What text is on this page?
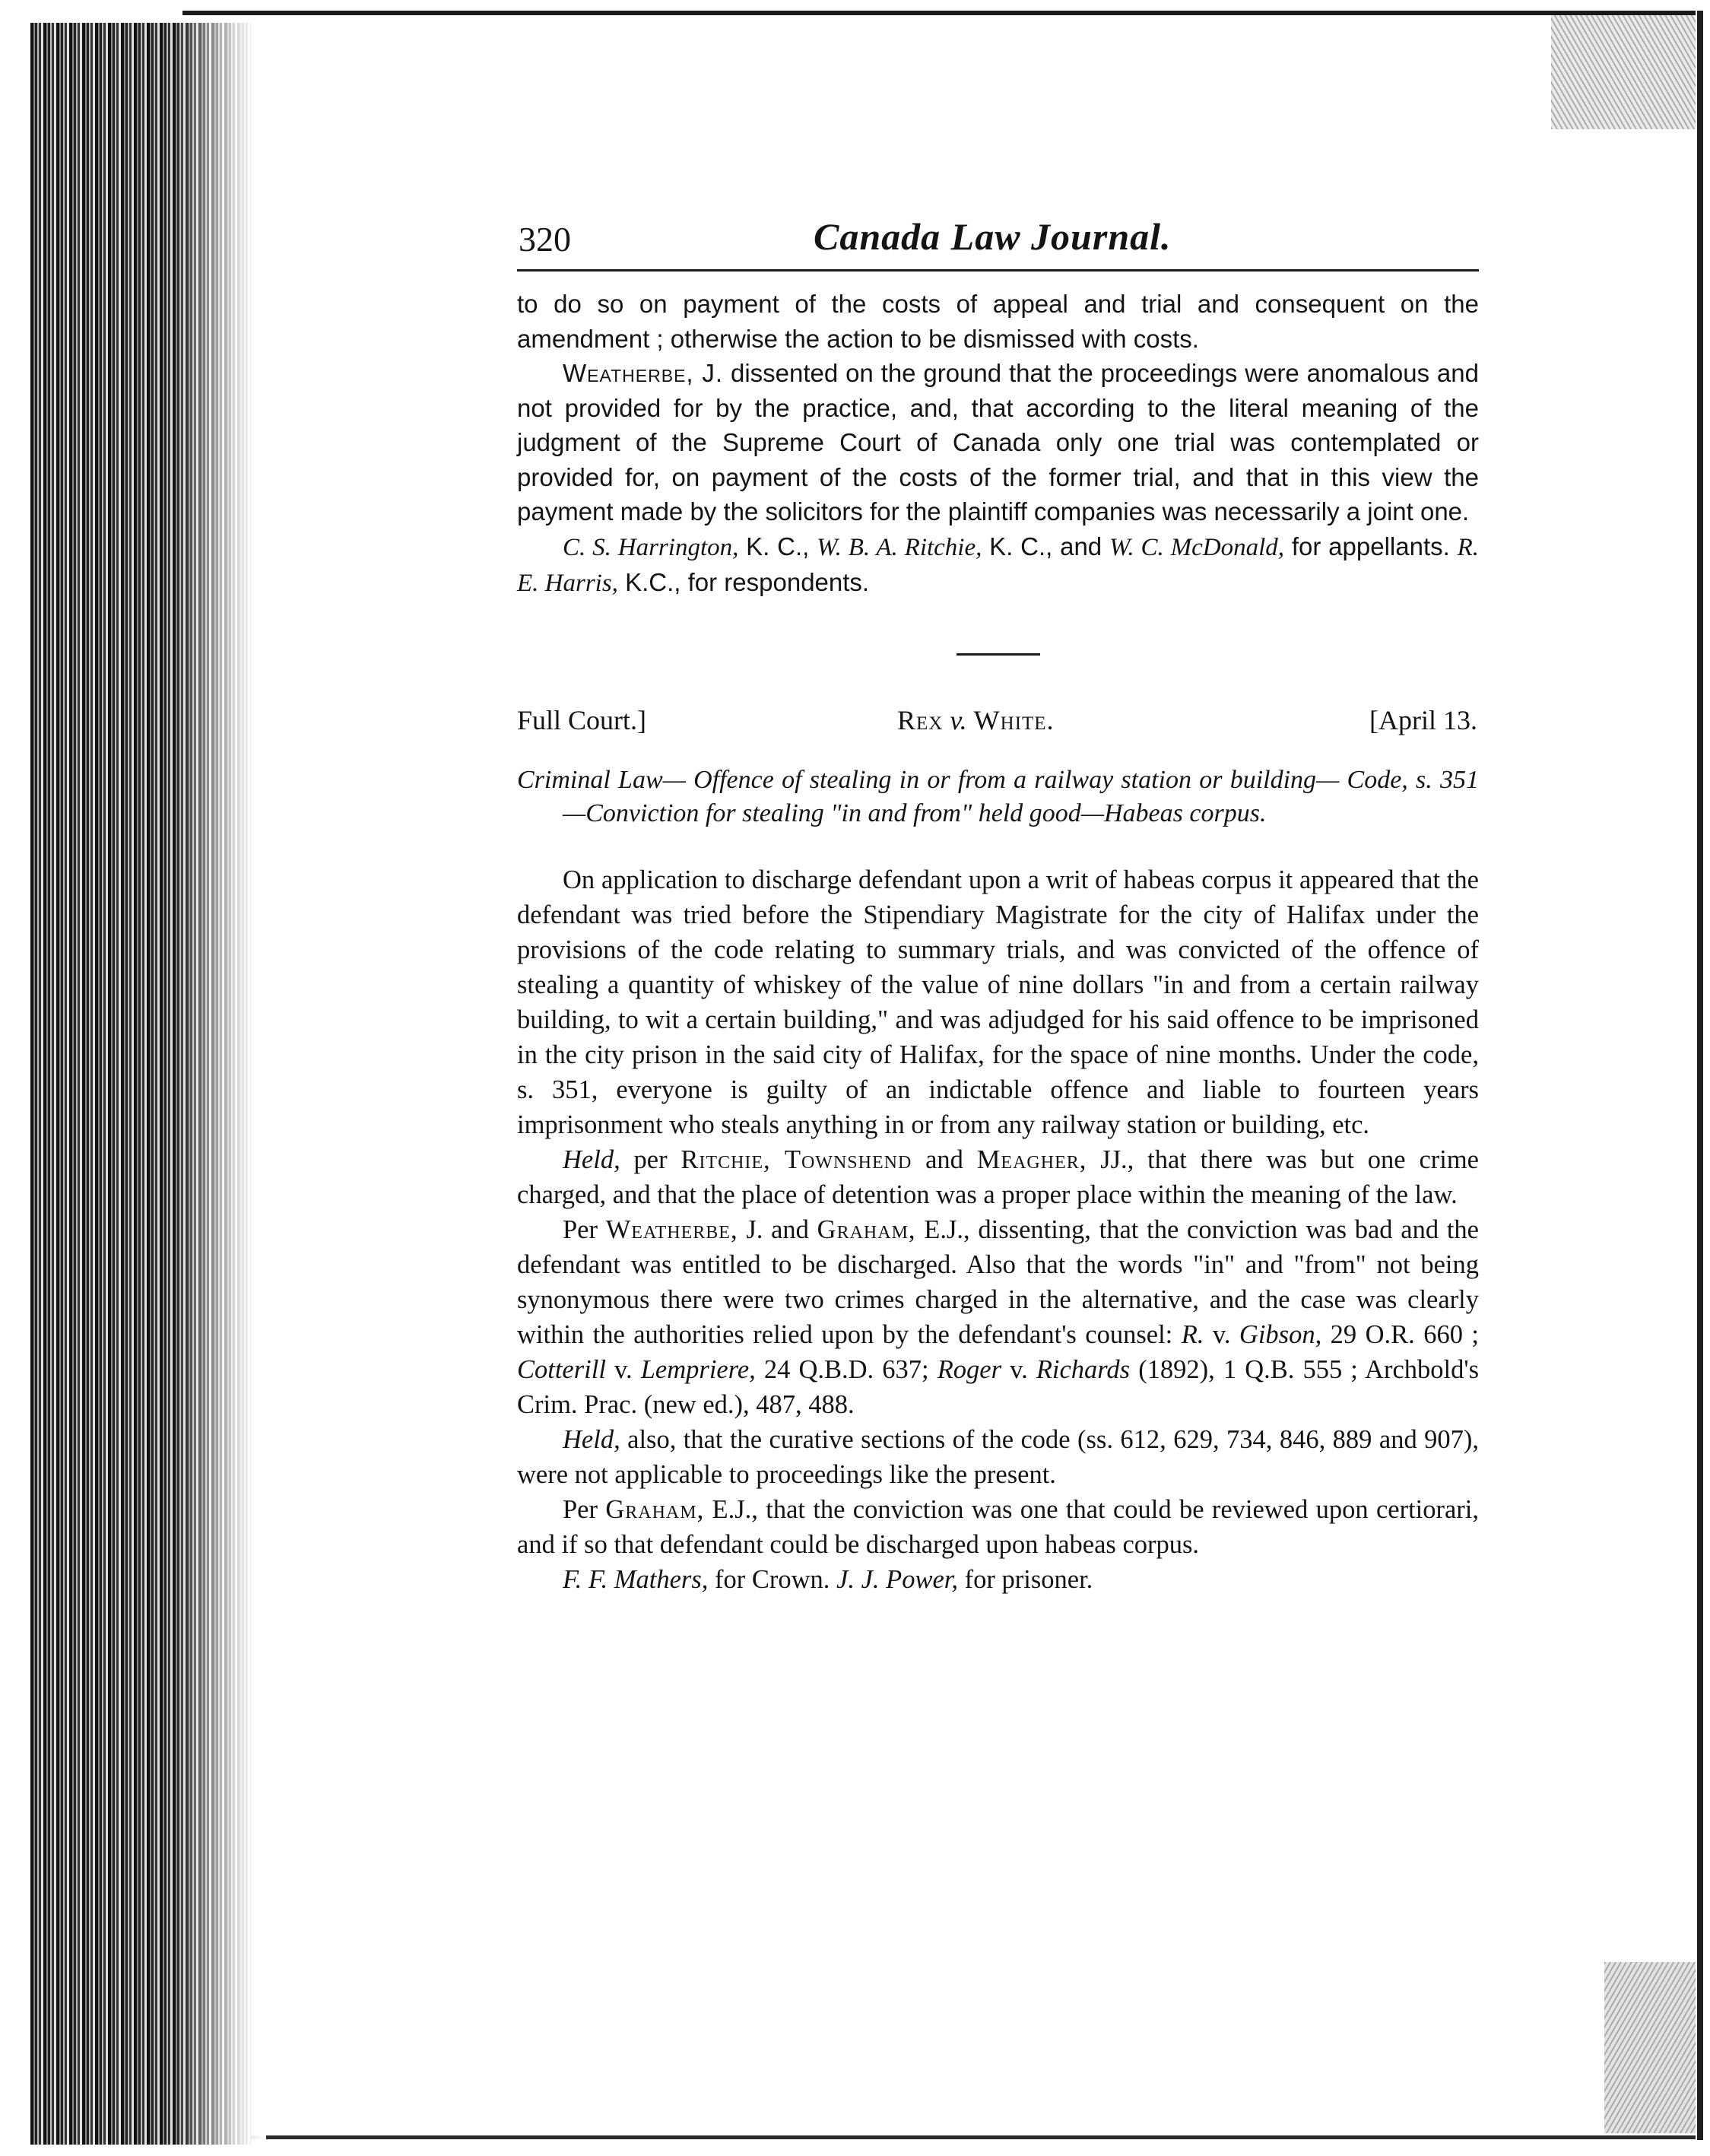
320	Canada Law Journal.

to do so on payment of the costs of appeal and trial and consequent on the amendment ; otherwise the action to be dismissed with costs.

Weatherbe, J. dissented on the ground that the proceedings were anomalous and not provided for by the practice, and, that according to the literal meaning of the judgment of the Supreme Court of Canada only one trial was contemplated or provided for, on payment of the costs of the former trial, and that in this view the payment made by the solicitors for the plaintiff companies was necessarily a joint one.

C. S. Harrington, K. C., W. B. A. Ritchie, K. C., and W. C. McDonald, for appellants. R. E. Harris, K.C., for respondents.

Full Court.]	Rex v. White.	[April 13.

Criminal Law— Offence of stealing in or from a railway station or building— Code, s. 351—Conviction for stealing "in and from" held good—Habeas corpus.

On application to discharge defendant upon a writ of habeas corpus it appeared that the defendant was tried before the Stipendiary Magistrate for the city of Halifax under the provisions of the code relating to summary trials, and was convicted of the offence of stealing a quantity of whiskey of the value of nine dollars "in and from a certain railway building, to wit a certain building," and was adjudged for his said offence to be imprisoned in the city prison in the said city of Halifax, for the space of nine months. Under the code, s. 351, everyone is guilty of an indictable offence and liable to fourteen years imprisonment who steals anything in or from any railway station or building, etc.

Held, per Ritchie, Townshend and Meagher, JJ., that there was but one crime charged, and that the place of detention was a proper place within the meaning of the law.

Per Weatherbe, J. and Graham, E.J., dissenting, that the conviction was bad and the defendant was entitled to be discharged. Also that the words "in" and "from" not being synonymous there were two crimes charged in the alternative, and the case was clearly within the authorities relied upon by the defendant's counsel: R. v. Gibson, 29 O.R. 660 ; Cotterill v. Lempriere, 24 Q.B.D. 637; Roger v. Richards (1892), 1 Q.B. 555 ; Archbold's Crim. Prac. (new ed.), 487, 488.

Held, also, that the curative sections of the code (ss. 612, 629, 734, 846, 889 and 907), were not applicable to proceedings like the present.

Per Graham, E.J., that the conviction was one that could be reviewed upon certiorari, and if so that defendant could be discharged upon habeas corpus.

F. F. Mathers, for Crown. J. J. Power, for prisoner.
